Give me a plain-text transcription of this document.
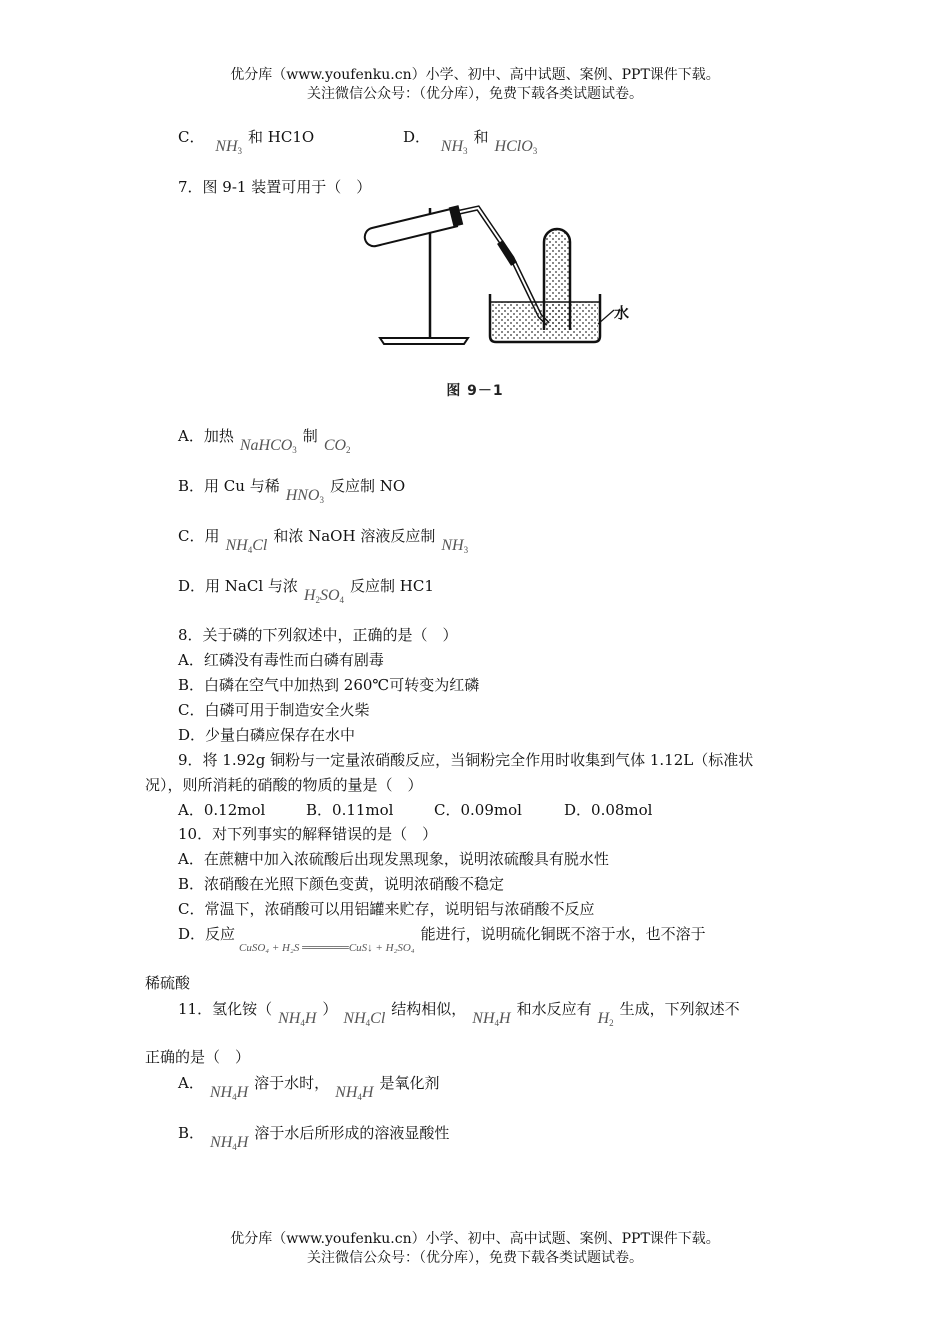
优分库（www.youfenku.cn）小学、初中、高中试题、案例、PPT课件下载。
关注微信公众号：（优分库），免费下载各类试题试卷。
C． $NH_3$和 HC1O	D． $NH_3$和HClO$_3$
7．图 9-1 装置可用于（　）
水
图 9－1
A．加热NaHCO$_3$制$CO_2$
B．用 Cu 与稀$HNO_3$反应制 NO
C．用$NH_4Cl$和浓 NaOH 溶液反应制$NH_3$
D．用 NaCl 与浓$H_2SO_4$反应制 HC1
8．关于磷的下列叙述中，正确的是（　）
A．红磷没有毒性而白磷有剧毒
B．白磷在空气中加热到 260℃可转变为红磷
C．白磷可用于制造安全火柴
D．少量白磷应保存在水中
9．将 1.92g 铜粉与一定量浓硝酸反应，当铜粉完全作用时收集到气体 1.12L（标准状
况），则所消耗的硝酸的物质的量是（　）
A．0.12mol	B．0.11mol	C．0.09mol	D．0.08mol
10．对下列事实的解释错误的是（　）
A．在蔗糖中加入浓硫酸后出现发黑现象，说明浓硫酸具有脱水性
B．浓硝酸在光照下颜色变黄，说明浓硝酸不稳定
C．常温下，浓硝酸可以用铝罐来贮存，说明铝与浓硝酸不反应
D．反应$_{CuSO_4 + H_2S ══════CuS↓ + H_2SO_4}$能进行，说明硫化铜既不溶于水，也不溶于
稀硫酸
11．氢化铵$(NH_4H)NH_4Cl$结构相似，$NH_4H$和水反应有$H_2$生成，下列叙述不
正确的是（　）
A．$NH_4H$溶于水时，$NH_4H$是氧化剂
B．$NH_4H$溶于水后所形成的溶液显酸性
优分库（www.youfenku.cn）小学、初中、高中试题、案例、PPT课件下载。
关注微信公众号：（优分库），免费下载各类试题试卷。
